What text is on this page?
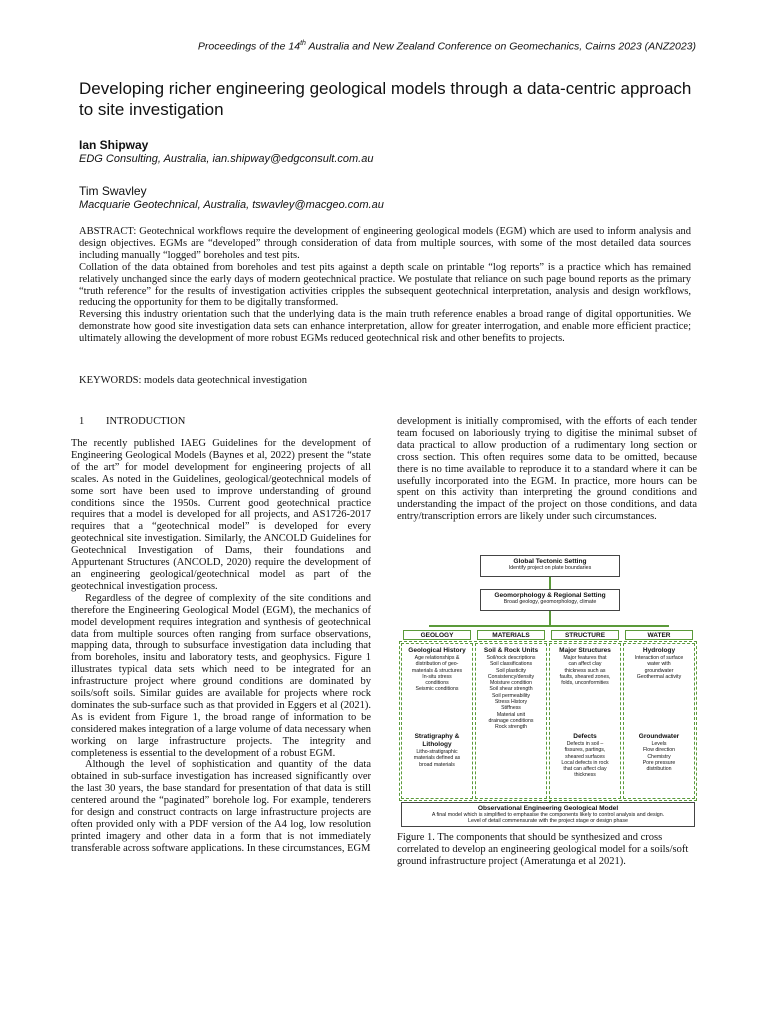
Proceedings of the 14th Australia and New Zealand Conference on Geomechanics, Cairns 2023 (ANZ2023)
Developing richer engineering geological models through a data-centric approach to site investigation
Ian Shipway
EDG Consulting, Australia, ian.shipway@edgconsult.com.au
Tim Swavley
Macquarie Geotechnical, Australia, tswavley@macgeo.com.au

ABSTRACT: Geotechnical workflows require the development of engineering geological models (EGM) which are used to inform analysis and design objectives. EGMs are “developed” through consideration of data from multiple sources, with some of the most detailed data sources including manually “logged” boreholes and test pits.

Collation of the data obtained from boreholes and test pits against a depth scale on printable “log reports” is a practice which has remained relatively unchanged since the early days of modern geotechnical practice. We postulate that reliance on such page bound reports as the primary “truth reference” for the results of investigation activities cripples the subsequent geotechnical interpretation, analysis and design workflows, reducing the opportunity for them to be digitally transformed.

Reversing this industry orientation such that the underlying data is the main truth reference enables a broad range of digital opportunities. We demonstrate how good site investigation data sets can enhance interpretation, allow for greater interrogation, and enable more efficient practice; ultimately allowing the development of more robust EGMs reduced geotechnical risk and other benefits to projects.

KEYWORDS: models data geotechnical investigation
1 INTRODUCTION

The recently published IAEG Guidelines for the development of Engineering Geological Models (Baynes et al, 2022) present the “state of the art” for model development for engineering projects of all scales. As noted in the Guidelines, geological/geotechnical models of some sort have been used to improve understanding of ground conditions since the 1950s. Current good geotechnical practice requires that a model is developed for all projects, and AS1726-2017 requires that a “geotechnical model” is developed for every geotechnical site investigation. Similarly, the ANCOLD Guidelines for Geotechnical Investigation of Dams, their foundations and Appurtenant Structures (ANCOLD, 2020) require the development of an engineering geological/geotechnical model as part of the geotechnical investigation process.

Regardless of the degree of complexity of the site conditions and therefore the Engineering Geological Model (EGM), the mechanics of model development requires integration and synthesis of geotechnical data from multiple sources often ranging from surface observations, mapping data, through to subsurface investigation data including that from boreholes, insitu and laboratory tests, and geophysics. Figure 1 illustrates typical data sets which need to be integrated for an infrastructure project where ground conditions are dominated by soils/soft soils. Similar guides are available for projects where rock dominates the sub-surface such as that provided in Eggers et al (2021). As is evident from Figure 1, the broad range of information to be considered makes integration of a large volume of data necessary when working on large infrastructure projects. The integrity and completeness is essential to the development of a robust EGM.

Although the level of sophistication and quantity of the data obtained in sub-surface investigation has increased significantly over the last 30 years, the base standard for presentation of that data is still centered around the “paginated” borehole log. For example, tenderers for design and construct contracts on large infrastructure projects are often provided only with a PDF version of the A4 log, low resolution printed imagery and other data in a form that is not immediately transferable across software applications. In these circumstances, EGM

development is initially compromised, with the efforts of each tender team focused on laboriously trying to digitise the minimal subset of data practical to allow production of a rudimentary long section or cross section. This often requires some data to be omitted, because there is no time available to reproduce it to a standard where it can be usefully incorporated into the EGM. In practice, more hours can be spent on this activity than interpreting the ground conditions and understanding the impact of the project on those conditions, and data entry/transcription errors are likely under such circumstances.

Global Tectonic Setting
Identify project on plate boundaries
Geomorphology & Regional Setting
Broad geology, geomorphology, climate
GEOLOGY	MATERIALS	STRUCTURE	WATER
Geological History
Age relationships &
distribution of geo-
materials & structures
In-situ stress
conditions
Seismic conditions
Stratigraphy &
Lithology
Litho-stratigraphic
materials defined as
broad materials
Soil & Rock Units
Soil/rock descriptions
Soil classifications
Soil plasticity
Consistency/density
Moisture condition
Soil shear strength
Soil permeability
Stress History
Stiffness
Material unit
drainage conditions
Rock strength
Major Structures
Major features that
can affect clay
thickness such as
faults, sheared zones,
folds, unconformities
Defects
Defects in soil –
fissures, partings,
sheared surfaces
Local defects in rock
that can affect clay
thickness
Hydrology
Interaction of surface
water with
groundwater
Geothermal activity
Groundwater
Levels
Flow direction
Chemistry
Pore pressure
distribution
Observational Engineering Geological Model
A final model which is simplified to emphasise the components likely to control analysis and design.
Level of detail commensurate with the project stage or design phase
Figure 1. The components that should be synthesized and cross correlated to develop an engineering geological model for a soils/soft ground infrastructure project (Ameratunga et al 2021).
